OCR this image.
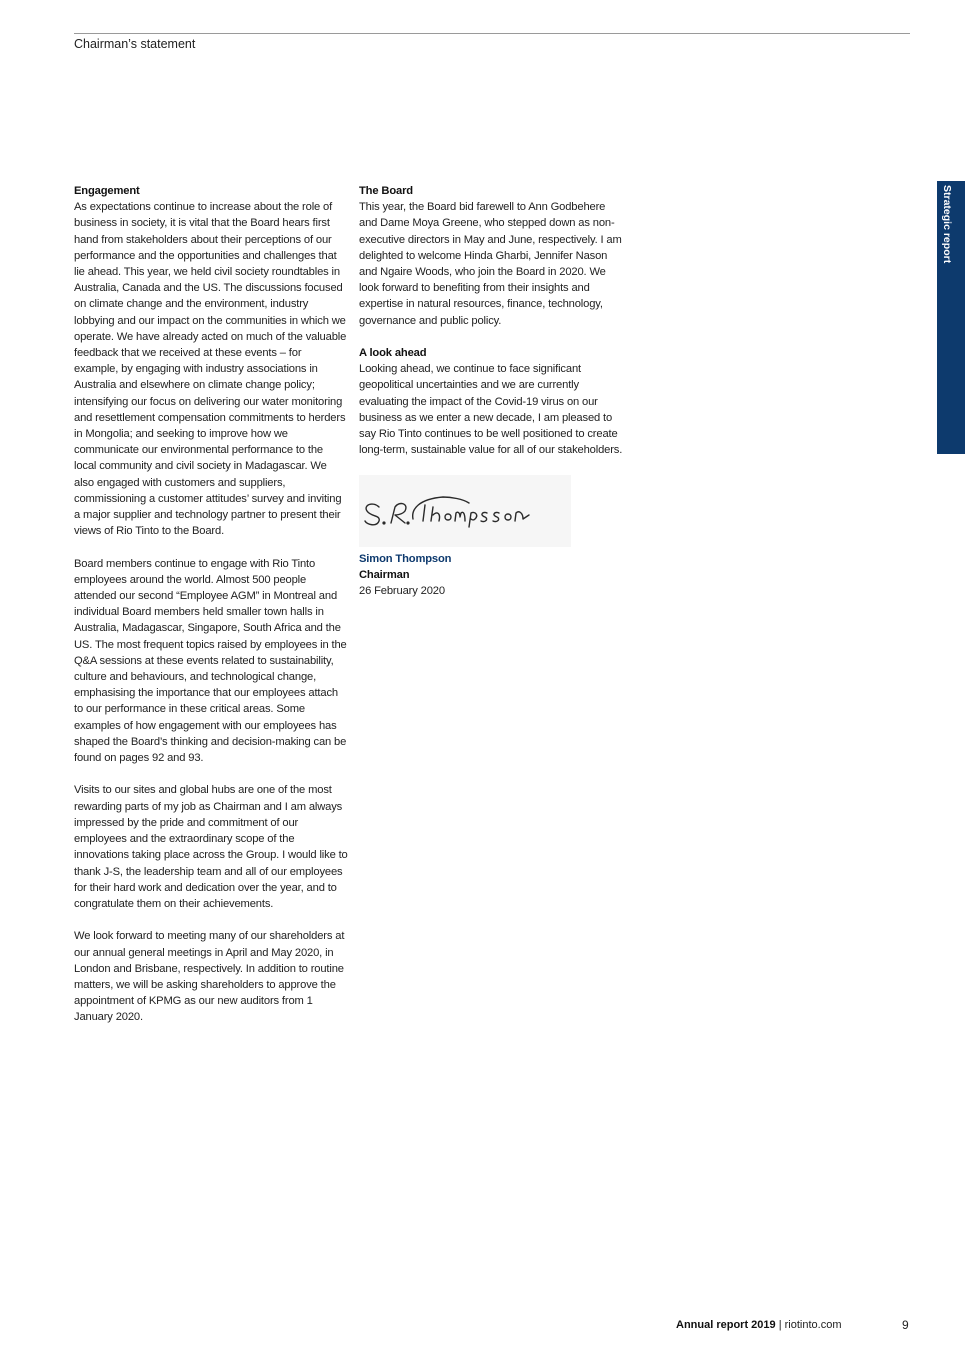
Chairman’s statement
Engagement

As expectations continue to increase about the role of business in society, it is vital that the Board hears first hand from stakeholders about their perceptions of our performance and the opportunities and challenges that lie ahead. This year, we held civil society roundtables in Australia, Canada and the US. The discussions focused on climate change and the environment, industry lobbying and our impact on the communities in which we operate. We have already acted on much of the valuable feedback that we received at these events – for example, by engaging with industry associations in Australia and elsewhere on climate change policy; intensifying our focus on delivering our water monitoring and resettlement compensation commitments to herders in Mongolia; and seeking to improve how we communicate our environmental performance to the local community and civil society in Madagascar. We also engaged with customers and suppliers, commissioning a customer attitudes’ survey and inviting a major supplier and technology partner to present their views of Rio Tinto to the Board.

Board members continue to engage with Rio Tinto employees around the world. Almost 500 people attended our second “Employee AGM” in Montreal and individual Board members held smaller town halls in Australia, Madagascar, Singapore, South Africa and the US. The most frequent topics raised by employees in the Q&A sessions at these events related to sustainability, culture and behaviours, and technological change, emphasising the importance that our employees attach to our performance in these critical areas. Some examples of how engagement with our employees has shaped the Board’s thinking and decision-making can be found on pages 92 and 93.

Visits to our sites and global hubs are one of the most rewarding parts of my job as Chairman and I am always impressed by the pride and commitment of our employees and the extraordinary scope of the innovations taking place across the Group. I would like to thank J-S, the leadership team and all of our employees for their hard work and dedication over the year, and to congratulate them on their achievements.

We look forward to meeting many of our shareholders at our annual general meetings in April and May 2020, in London and Brisbane, respectively. In addition to routine matters, we will be asking shareholders to approve the appointment of KPMG as our new auditors from 1 January 2020.

The Board

This year, the Board bid farewell to Ann Godbehere and Dame Moya Greene, who stepped down as non-executive directors in May and June, respectively. I am delighted to welcome Hinda Gharbi, Jennifer Nason and Ngaire Woods, who join the Board in 2020. We look forward to benefiting from their insights and expertise in natural resources, finance, technology, governance and public policy.

A look ahead

Looking ahead, we continue to face significant geopolitical uncertainties and we are currently evaluating the impact of the Covid-19 virus on our business as we enter a new decade, I am pleased to say Rio Tinto continues to be well positioned to create long-term, sustainable value for all of our stakeholders.

Simon Thompson
Chairman
26 February 2020
Strategic report
Annual report 2019 | riotinto.com	9
